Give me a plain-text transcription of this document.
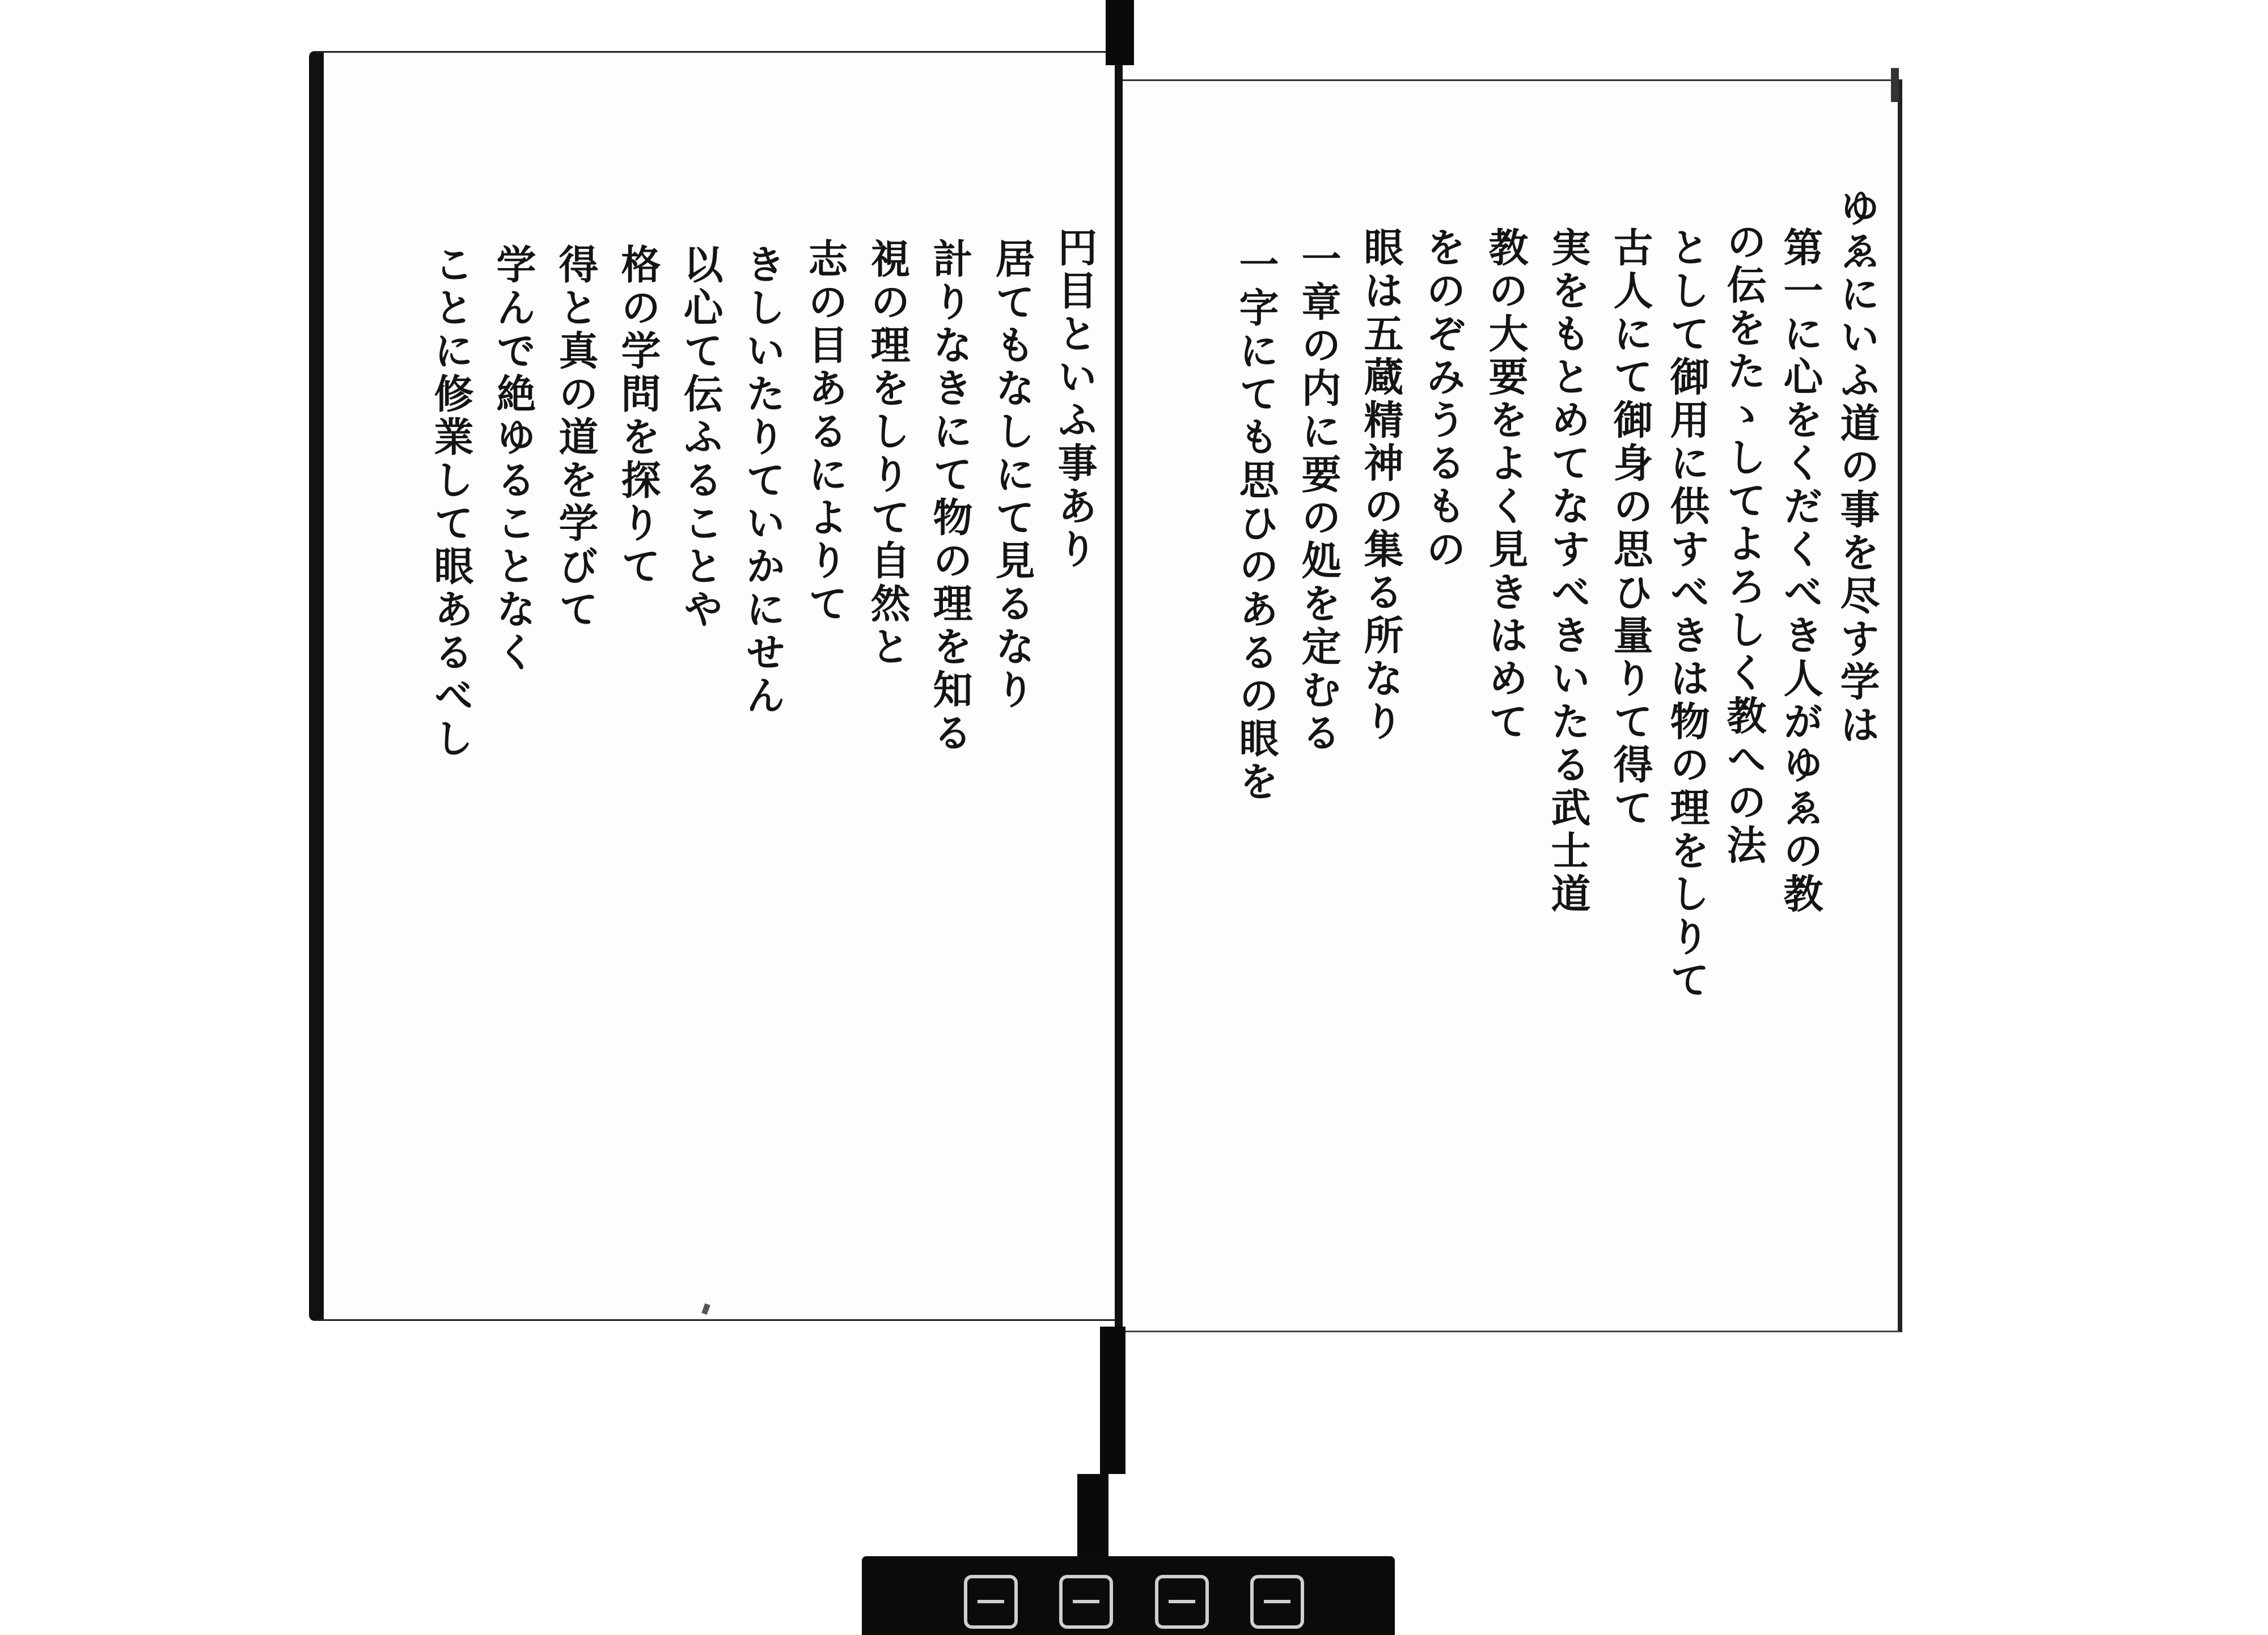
ゆゑにいふ道の事を尽す学は
第一に心をくだくべき人がゆゑの教
の伝をたゝしてよろしく教への法
として御用に供すべきは物の理をしりて
古人にて御身の思ひ量りて得て
実をもとめてなすべきいたる武士道
教の大要をよく見きはめて
をのぞみうるもの
眼は五蔵精神の集る所なり
一章の内に要の処を定むる
一字にても思ひのあるの眼を
円目といふ事あり
居てもなしにて見るなり
計りなきにて物の理を知る
視の理をしりて自然と
志の目あるによりて
きしいたりていかにせん
以心て伝ふることや
格の学問を探りて
得と真の道を学びて
学んで絶ゆることなく
ことに修業して眼あるべし
